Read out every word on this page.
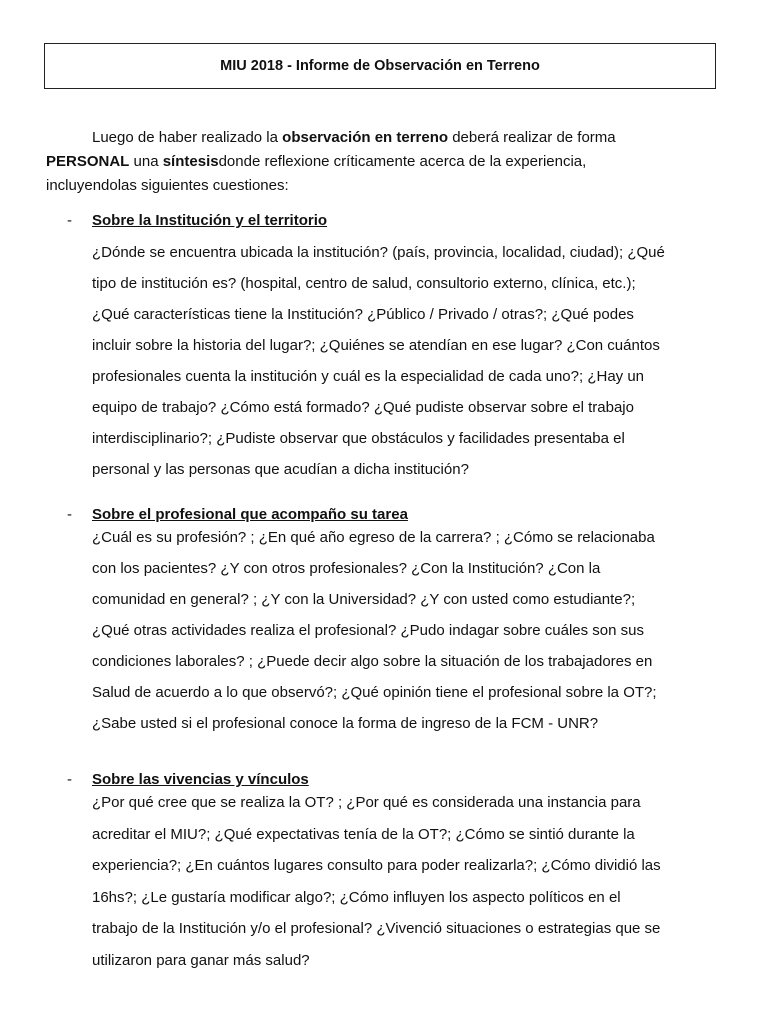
MIU 2018 - Informe de Observación en Terreno
Luego de haber realizado la observación en terreno deberá realizar de forma
PERSONAL una síntesisdonde reflexione críticamente acerca de la experiencia,
incluyendolas siguientes cuestiones:
- Sobre la Institución y el territorio
¿Dónde se encuentra ubicada la institución? (país, provincia, localidad, ciudad); ¿Qué
tipo de institución es? (hospital, centro de salud, consultorio externo, clínica, etc.);
¿Qué características tiene la Institución? ¿Público / Privado / otras?; ¿Qué podes
incluir sobre la historia del lugar?; ¿Quiénes se atendían en ese lugar? ¿Con cuántos
profesionales cuenta la institución y cuál es la especialidad de cada uno?; ¿Hay un
equipo de trabajo? ¿Cómo está formado? ¿Qué pudiste observar sobre el trabajo
interdisciplinario?; ¿Pudiste observar que obstáculos y facilidades presentaba el
personal y las personas que acudían a dicha institución?
- Sobre el profesional que acompaño su tarea
¿Cuál es su profesión? ; ¿En qué año egreso de la carrera? ; ¿Cómo se relacionaba
con los pacientes? ¿Y con otros profesionales? ¿Con la Institución? ¿Con la
comunidad en general? ; ¿Y con la Universidad? ¿Y con usted como estudiante?;
¿Qué otras actividades realiza el profesional? ¿Pudo indagar sobre cuáles son sus
condiciones laborales? ; ¿Puede decir algo sobre la situación de los trabajadores en
Salud de acuerdo a lo que observó?; ¿Qué opinión tiene el profesional sobre la OT?;
¿Sabe usted si el profesional conoce la forma de ingreso de la FCM - UNR?
- Sobre las vivencias y vínculos
¿Por qué cree que se realiza la OT? ; ¿Por qué es considerada una instancia para
acreditar el MIU?; ¿Qué expectativas tenía de la OT?; ¿Cómo se sintió durante la
experiencia?; ¿En cuántos lugares consulto para poder realizarla?; ¿Cómo dividió las
16hs?; ¿Le gustaría modificar algo?; ¿Cómo influyen los aspecto políticos en el
trabajo de la Institución y/o el profesional? ¿Vivenció situaciones o estrategias que se
utilizaron para ganar más salud?
